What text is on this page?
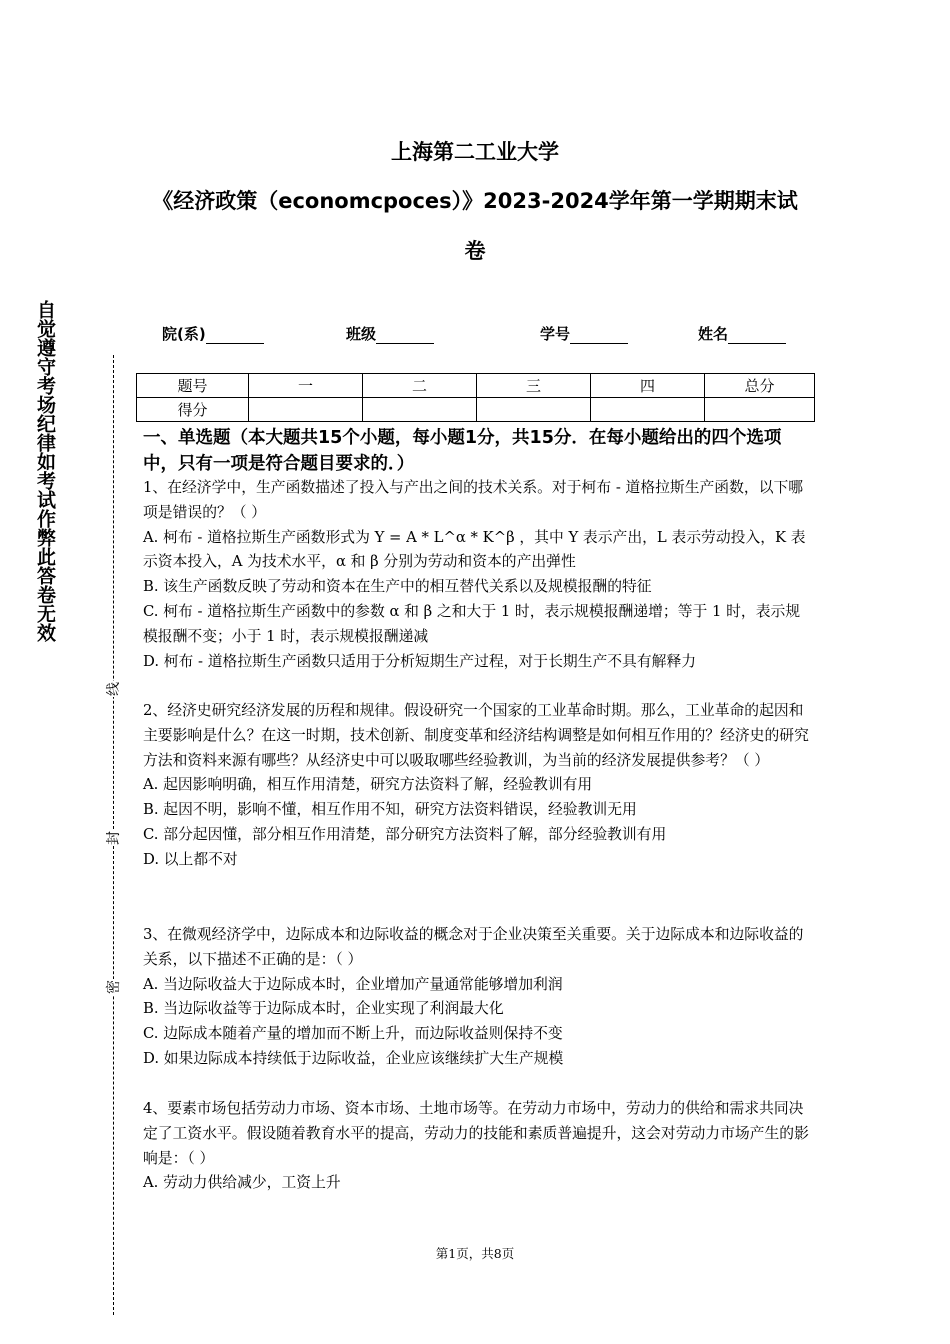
自觉遵守考场纪律如考试作弊此答卷无效
线
封
密
上海第二工业大学
《经济政策（economcpoces）》2023-2024学年第一学期期末试
卷
院(系)	班级	学号	姓名
题号	一	二	三	四	总分
得分					
一、单选题（本大题共15个小题，每小题1分，共15分．在每小题给出的四个选项中，只有一项是符合题目要求的．）

1、在经济学中，生产函数描述了投入与产出之间的技术关系。对于柯布 - 道格拉斯生产函数，以下哪项是错误的？（ ）

A. 柯布 - 道格拉斯生产函数形式为 Y = A * L^α * K^β ，其中 Y 表示产出，L 表示劳动投入，K 表示资本投入，A 为技术水平，α 和 β 分别为劳动和资本的产出弹性

B. 该生产函数反映了劳动和资本在生产中的相互替代关系以及规模报酬的特征

C. 柯布 - 道格拉斯生产函数中的参数 α 和 β 之和大于 1 时，表示规模报酬递增；等于 1 时，表示规模报酬不变；小于 1 时，表示规模报酬递减

D. 柯布 - 道格拉斯生产函数只适用于分析短期生产过程，对于长期生产不具有解释力

2、经济史研究经济发展的历程和规律。假设研究一个国家的工业革命时期。那么，工业革命的起因和主要影响是什么？在这一时期，技术创新、制度变革和经济结构调整是如何相互作用的？经济史的研究方法和资料来源有哪些？从经济史中可以吸取哪些经验教训，为当前的经济发展提供参考？（ ）

A. 起因影响明确，相互作用清楚，研究方法资料了解，经验教训有用

B. 起因不明，影响不懂，相互作用不知，研究方法资料错误，经验教训无用

C. 部分起因懂，部分相互作用清楚，部分研究方法资料了解，部分经验教训有用

D. 以上都不对

3、在微观经济学中，边际成本和边际收益的概念对于企业决策至关重要。关于边际成本和边际收益的关系，以下描述不正确的是：（ ）

A. 当边际收益大于边际成本时，企业增加产量通常能够增加利润

B. 当边际收益等于边际成本时，企业实现了利润最大化

C. 边际成本随着产量的增加而不断上升，而边际收益则保持不变

D. 如果边际成本持续低于边际收益，企业应该继续扩大生产规模

4、要素市场包括劳动力市场、资本市场、土地市场等。在劳动力市场中，劳动力的供给和需求共同决定了工资水平。假设随着教育水平的提高，劳动力的技能和素质普遍提升，这会对劳动力市场产生的影响是：（ ）

A. 劳动力供给减少，工资上升

第1页，共8页
